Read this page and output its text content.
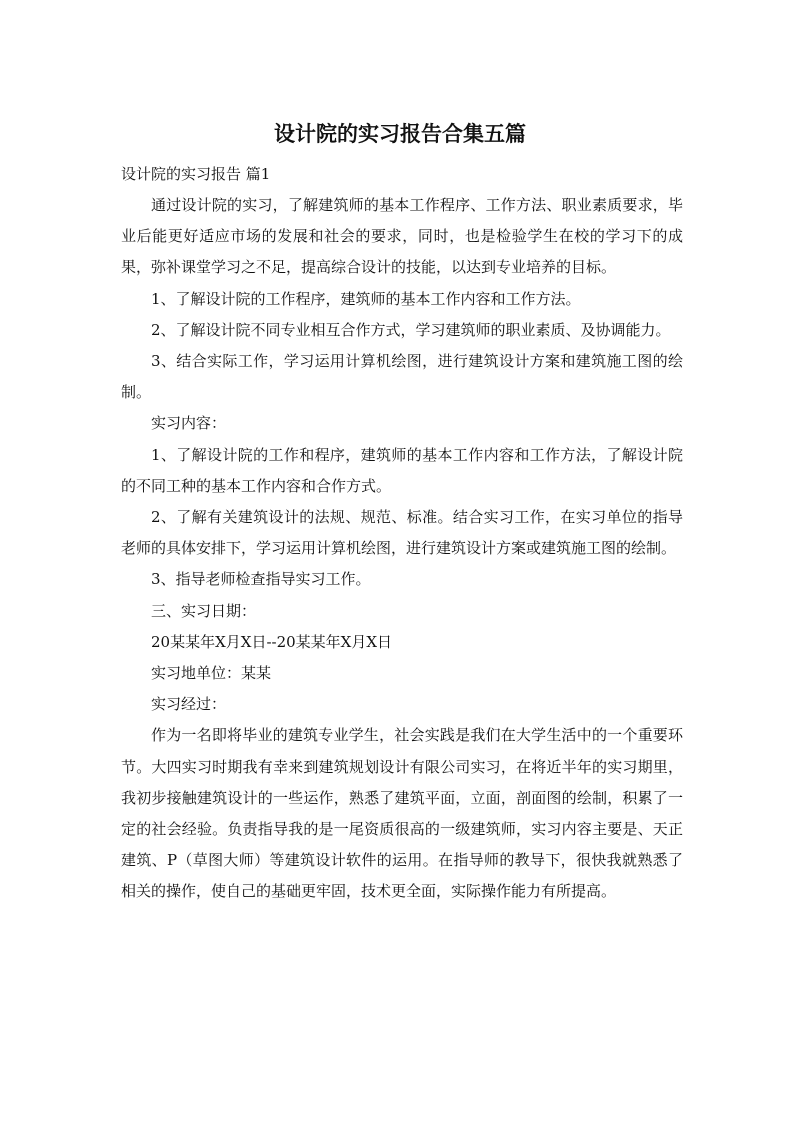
设计院的实习报告合集五篇

设计院的实习报告 篇1

通过设计院的实习，了解建筑师的基本工作程序、工作方法、职业素质要求，毕业后能更好适应市场的发展和社会的要求，同时，也是检验学生在校的学习下的成果，弥补课堂学习之不足，提高综合设计的技能，以达到专业培养的目标。

1、了解设计院的工作程序，建筑师的基本工作内容和工作方法。

2、了解设计院不同专业相互合作方式，学习建筑师的职业素质、及协调能力。

3、结合实际工作，学习运用计算机绘图，进行建筑设计方案和建筑施工图的绘制。

实习内容：

1、了解设计院的工作和程序，建筑师的基本工作内容和工作方法，了解设计院的不同工种的基本工作内容和合作方式。

2、了解有关建筑设计的法规、规范、标准。结合实习工作，在实习单位的指导老师的具体安排下，学习运用计算机绘图，进行建筑设计方案或建筑施工图的绘制。

3、指导老师检查指导实习工作。

三、实习日期：

20某某年X月X日--20某某年X月X日

实习地单位：某某

实习经过：

作为一名即将毕业的建筑专业学生，社会实践是我们在大学生活中的一个重要环节。大四实习时期我有幸来到建筑规划设计有限公司实习，在将近半年的实习期里，我初步接触建筑设计的一些运作，熟悉了建筑平面，立面，剖面图的绘制，积累了一定的社会经验。负责指导我的是一尾资质很高的一级建筑师，实习内容主要是、天正建筑、P（草图大师）等建筑设计软件的运用。在指导师的教导下，很快我就熟悉了相关的操作，使自己的基础更牢固，技术更全面，实际操作能力有所提高。
